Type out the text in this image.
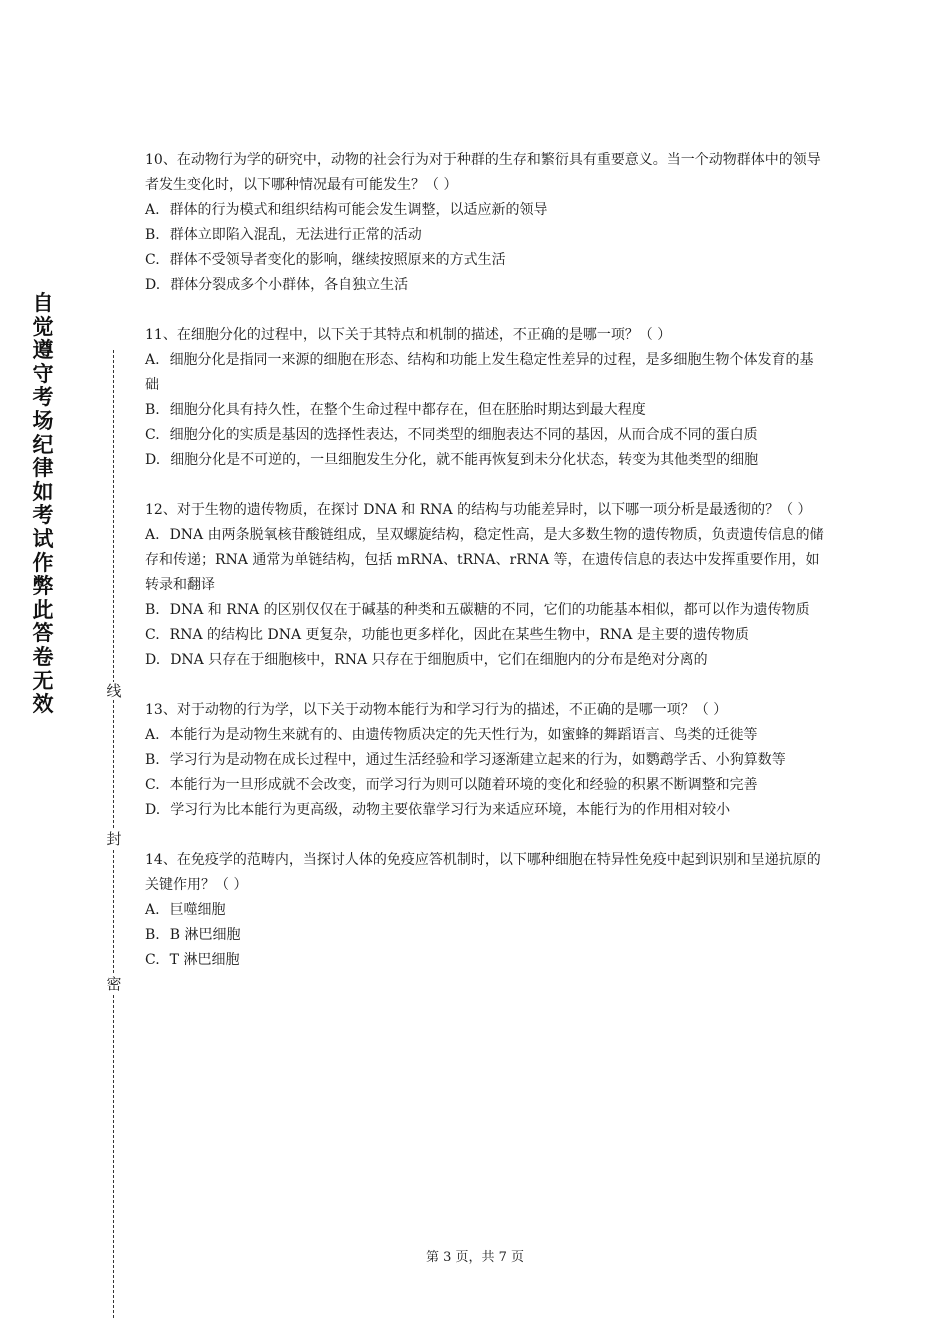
自
觉
遵
守
考
场
纪
律
如
考
试
作
弊
此
答
卷
无
效
线
封
密

10、在动物行为学的研究中，动物的社会行为对于种群的生存和繁衍具有重要意义。当一个动物群体中的领导者发生变化时，以下哪种情况最有可能发生？（ ）

A. 群体的行为模式和组织结构可能会发生调整，以适应新的领导

B. 群体立即陷入混乱，无法进行正常的活动

C. 群体不受领导者变化的影响，继续按照原来的方式生活

D. 群体分裂成多个小群体，各自独立生活

11、在细胞分化的过程中，以下关于其特点和机制的描述，不正确的是哪一项？（ ）

A. 细胞分化是指同一来源的细胞在形态、结构和功能上发生稳定性差异的过程，是多细胞生物个体发育的基础

B. 细胞分化具有持久性，在整个生命过程中都存在，但在胚胎时期达到最大程度

C. 细胞分化的实质是基因的选择性表达，不同类型的细胞表达不同的基因，从而合成不同的蛋白质

D. 细胞分化是不可逆的，一旦细胞发生分化，就不能再恢复到未分化状态，转变为其他类型的细胞

12、对于生物的遗传物质，在探讨 DNA 和 RNA 的结构与功能差异时，以下哪一项分析是最透彻的？（ ）

A. DNA 由两条脱氧核苷酸链组成，呈双螺旋结构，稳定性高，是大多数生物的遗传物质，负责遗传信息的储存和传递；RNA 通常为单链结构，包括 mRNA、tRNA、rRNA 等，在遗传信息的表达中发挥重要作用，如转录和翻译

B. DNA 和 RNA 的区别仅仅在于碱基的种类和五碳糖的不同，它们的功能基本相似，都可以作为遗传物质

C. RNA 的结构比 DNA 更复杂，功能也更多样化，因此在某些生物中，RNA 是主要的遗传物质

D. DNA 只存在于细胞核中，RNA 只存在于细胞质中，它们在细胞内的分布是绝对分离的

13、对于动物的行为学，以下关于动物本能行为和学习行为的描述，不正确的是哪一项？（ ）

A. 本能行为是动物生来就有的、由遗传物质决定的先天性行为，如蜜蜂的舞蹈语言、鸟类的迁徙等

B. 学习行为是动物在成长过程中，通过生活经验和学习逐渐建立起来的行为，如鹦鹉学舌、小狗算数等

C. 本能行为一旦形成就不会改变，而学习行为则可以随着环境的变化和经验的积累不断调整和完善

D. 学习行为比本能行为更高级，动物主要依靠学习行为来适应环境，本能行为的作用相对较小

14、在免疫学的范畴内，当探讨人体的免疫应答机制时，以下哪种细胞在特异性免疫中起到识别和呈递抗原的关键作用？（ ）

A. 巨噬细胞

B. B 淋巴细胞

C. T 淋巴细胞

第 3 页，共 7 页
